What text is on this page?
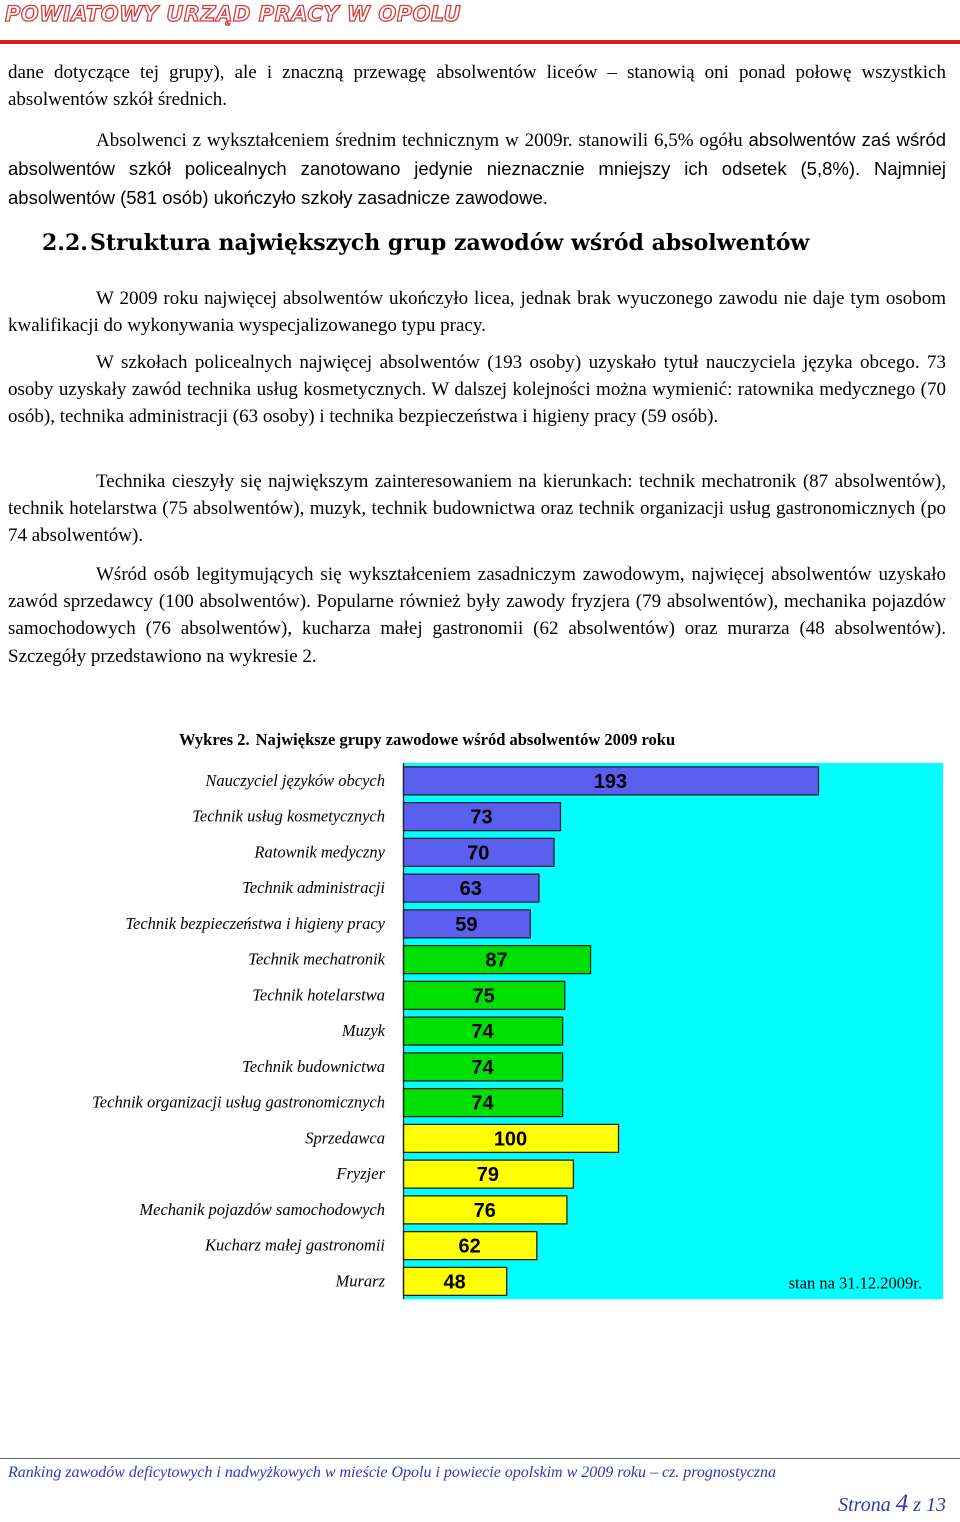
POWIATOWY URZĄD PRACY W OPOLU

dane dotyczące tej grupy), ale i znaczną przewagę absolwentów liceów – stanowią oni ponad połowę wszystkich absolwentów szkół średnich.

Absolwenci z wykształceniem średnim technicznym w 2009r. stanowili 6,5% ogółu absolwentów zaś wśród absolwentów szkół policealnych zanotowano jedynie nieznacznie mniejszy ich odsetek (5,8%). Najmniej absolwentów (581 osób) ukończyło szkoły zasadnicze zawodowe.

2.2.Struktura największych grup zawodów wśród absolwentów

W 2009 roku najwięcej absolwentów ukończyło licea, jednak brak wyuczonego zawodu nie daje tym osobom kwalifikacji do wykonywania wyspecjalizowanego typu pracy.

W szkołach policealnych najwięcej absolwentów (193 osoby) uzyskało tytuł nauczyciela języka obcego. 73 osoby uzyskały zawód technika usług kosmetycznych. W dalszej kolejności można wymienić: ratownika medycznego (70 osób), technika administracji (63 osoby) i technika bezpieczeństwa i higieny pracy (59 osób).

Technika cieszyły się największym zainteresowaniem na kierunkach: technik mechatronik (87 absolwentów), technik hotelarstwa (75 absolwentów), muzyk, technik budownictwa oraz technik organizacji usług gastronomicznych (po 74 absolwentów).

Wśród osób legitymujących się wykształceniem zasadniczym zawodowym, najwięcej absolwentów uzyskało zawód sprzedawcy (100 absolwentów). Popularne również były zawody fryzjera (79 absolwentów), mechanika pojazdów samochodowych (76 absolwentów), kucharza małej gastronomii (62 absolwentów) oraz murarza (48 absolwentów). Szczegóły przedstawiono na wykresie 2.

Wykres 2. Największe grupy zawodowe wśród absolwentów 2009 roku

Nauczyciel języków obcych	193
Technik usług kosmetycznych	73
Ratownik medyczny	70
Technik administracji	63
Technik bezpieczeństwa i higieny pracy	59
Technik mechatronik	87
Technik hotelarstwa	75
Muzyk	74
Technik budownictwa	74
Technik organizacji usług gastronomicznych	74
Sprzedawca	100
Fryzjer	79
Mechanik pojazdów samochodowych	76
Kucharz małej gastronomii	62
Murarz	48	stan na 31.12.2009r.

Ranking zawodów deficytowych i nadwyżkowych w mieście Opolu i powiecie opolskim w 2009 roku – cz. prognostyczna

Strona 4 z 13
